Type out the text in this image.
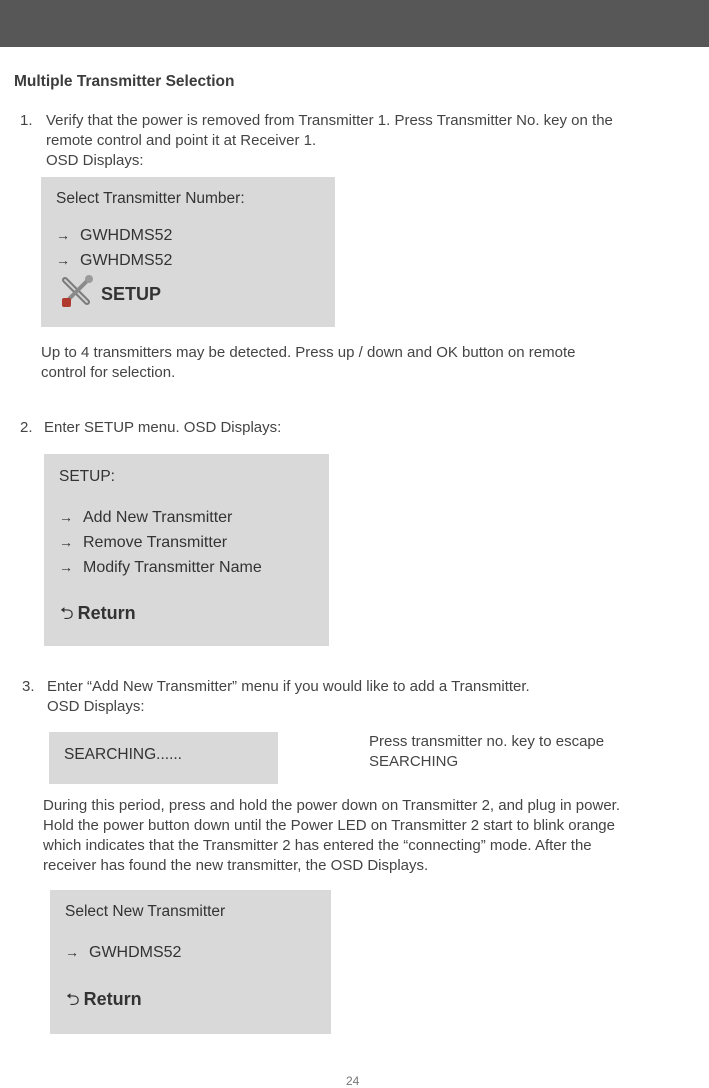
Multiple Transmitter Selection
1. Verify that the power is removed from Transmitter 1. Press Transmitter No. key on the
remote control and point it at Receiver 1.
OSD Displays:
Select Transmitter Number:
→ GWHDMS52
→ GWHDMS52
SETUP
Up to 4 transmitters may be detected. Press up / down and OK button on remote
control for selection.
2. Enter SETUP menu. OSD Displays:
SETUP:
→ Add New Transmitter
→ Remove Transmitter
→ Modify Transmitter Name
⮌ Return
3. Enter “Add New Transmitter” menu if you would like to add a Transmitter.
OSD Displays:
SEARCHING......
Press transmitter no. key to escape
SEARCHING
During this period, press and hold the power down on Transmitter 2, and plug in power.
Hold the power button down until the Power LED on Transmitter 2 start to blink orange
which indicates that the Transmitter 2 has entered the “connecting” mode. After the
receiver has found the new transmitter, the OSD Displays.
Select New Transmitter
→ GWHDMS52
⮌ Return
24
